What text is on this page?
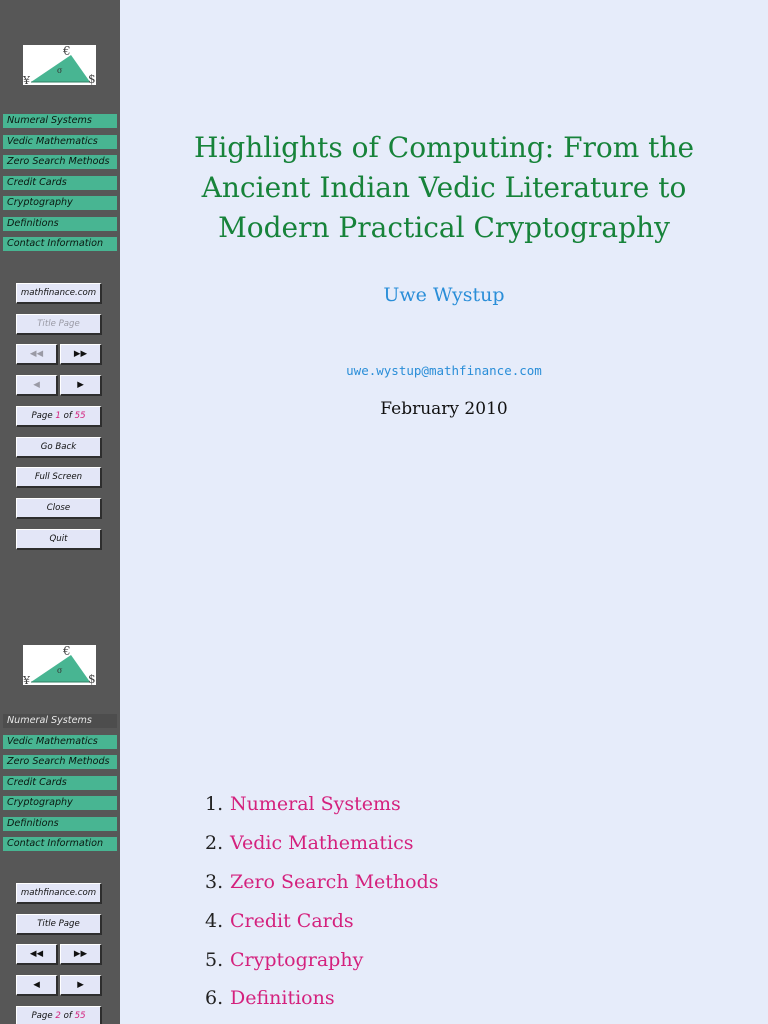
€
¥	$
σ
Numeral Systems
Vedic Mathematics
Zero Search Methods
Credit Cards
Cryptography
Definitions
Contact Information
mathfinance.com
Title Page
◀◀	▶▶
◀	▶
Page 1 of 55
Go Back
Full Screen
Close
Quit
€
¥	$
σ
Numeral Systems
Vedic Mathematics
Zero Search Methods
Credit Cards
Cryptography
Definitions
Contact Information
mathfinance.com
Title Page
◀◀	▶▶
◀	▶
Page 2 of 55
Highlights of Computing: From the
Ancient Indian Vedic Literature to
Modern Practical Cryptography
Uwe Wystup
uwe.wystup@mathfinance.com
February 2010
1. Numeral Systems
2. Vedic Mathematics
3. Zero Search Methods
4. Credit Cards
5. Cryptography
6. Definitions
